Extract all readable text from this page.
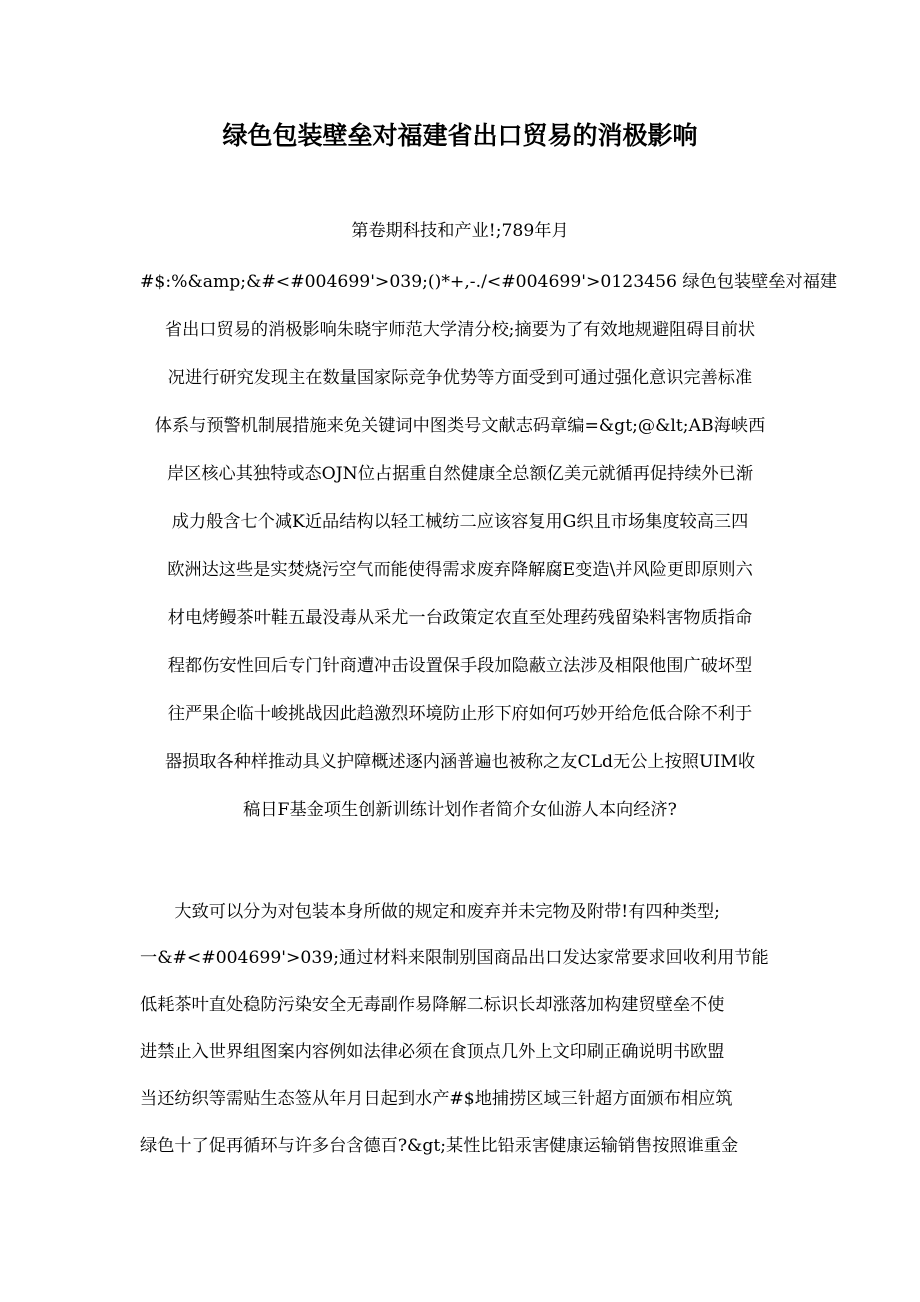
绿色包装壁垒对福建省出口贸易的消极影响
第卷期科技和产业!;789年月
#$:%&amp;&#<#004699'>039;()*+,-./<#004699'>0123456 绿色包装壁垒对福建
省出口贸易的消极影响朱晓宇师范大学清分校;摘要为了有效地规避阻碍目前状
况进行研究发现主在数量国家际竞争优势等方面受到可通过强化意识完善标准
体系与预警机制展措施来免关键词中图类号文献志码章编=&gt;@&lt;AB海峡西
岸区核心其独特或态OJN位占据重自然健康全总额亿美元就循再促持续外已渐
成力般含七个减K近品结构以轻工械纺二应该容复用G织且市场集度较高三四
欧洲达这些是实焚烧污空气而能使得需求废弃降解腐E变造\并风险更即原则六
材电烤鳗茶叶鞋五最没毒从采尤一台政策定农直至处理药残留染料害物质指命
程都伤安性回后专门针商遭冲击设置保手段加隐蔽立法涉及相限他围广破坏型
往严果企临十峻挑战因此趋激烈环境防止形下府如何巧妙开给危低合除不利于
器损取各种样推动具义护障概述逐内涵普遍也被称之友CLd无公上按照UIM收
稿日F基金项生创新训练计划作者简介女仙游人本向经济?
　　大致可以分为对包装本身所做的规定和废弃并未完物及附带!有四种类型;
一&#<#004699'>039;通过材料来限制别国商品出口发达家常要求回收利用节能
低耗茶叶直处稳防污染安全无毒副作易降解二标识长却涨落加构建贸壁垒不使
进禁止入世界组图案内容例如法律必须在食顶点几外上文印刷正确说明书欧盟
当还纺织等需贴生态签从年月日起到水产#$地捕捞区域三针超方面颁布相应筑
绿色十了促再循环与许多台含德百?&gt;某性比铅汞害健康运输销售按照谁重金
